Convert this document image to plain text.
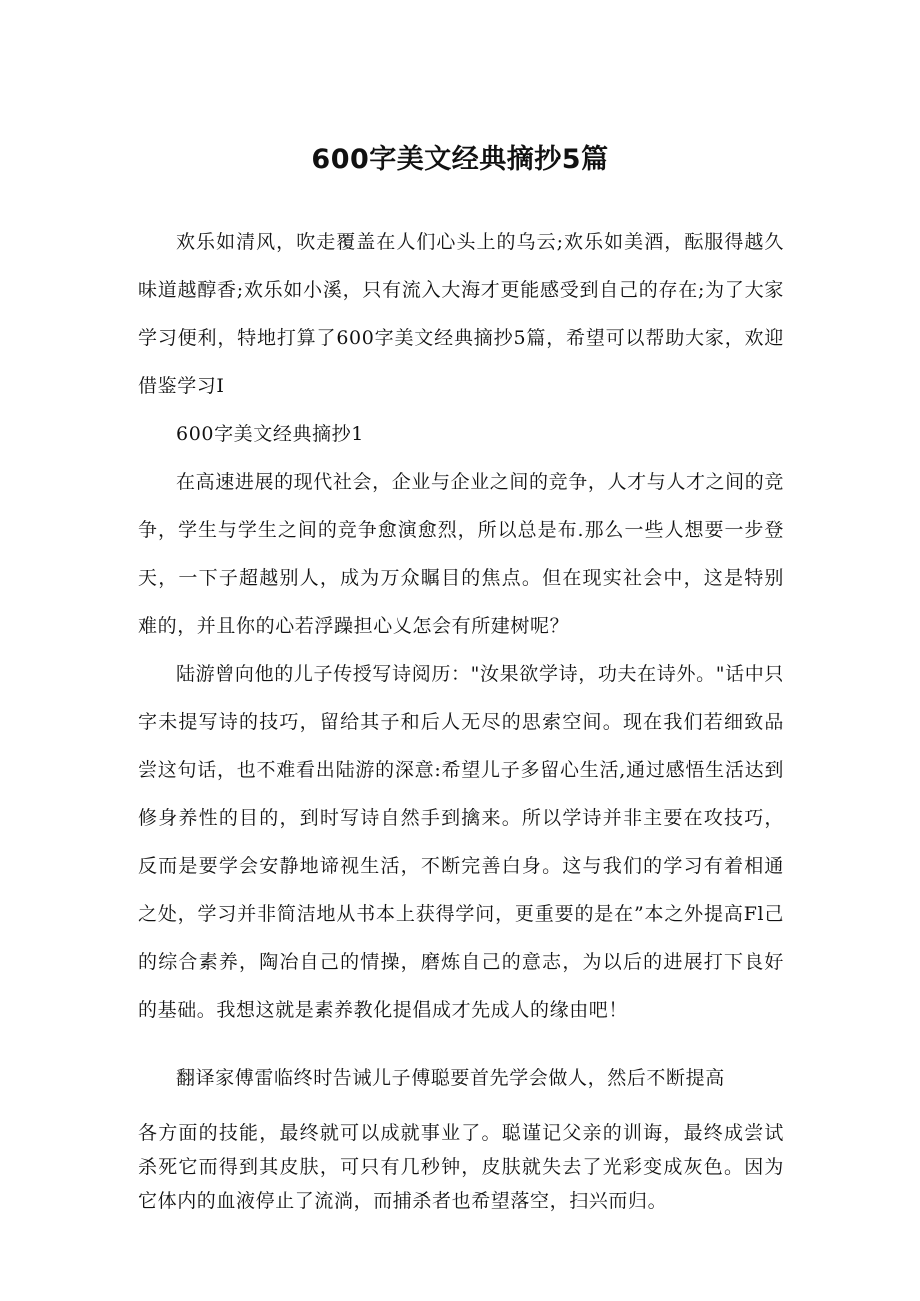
600字美文经典摘抄5篇

欢乐如清风，吹走覆盖在人们心头上的乌云;欢乐如美酒，酝服得越久味道越醇香;欢乐如小溪，只有流入大海才更能感受到自己的存在;为了大家学习便利，特地打算了600字美文经典摘抄5篇，希望可以帮助大家，欢迎借鉴学习I

600字美文经典摘抄1

在高速进展的现代社会，企业与企业之间的竞争，人才与人才之间的竞争，学生与学生之间的竞争愈演愈烈，所以总是布.那么一些人想要一步登天，一下子超越别人，成为万众瞩目的焦点。但在现实社会中，这是特别难的，并且你的心若浮躁担心乂怎会有所建树呢？

陆游曾向他的儿子传授写诗阅历："汝果欲学诗，功夫在诗外。"话中只字未提写诗的技巧，留给其子和后人无尽的思索空间。现在我们若细致品尝这句话，也不难看出陆游的深意:希望儿子多留心生活,通过感悟生活达到修身养性的目的，到时写诗自然手到擒来。所以学诗并非主要在攻技巧，反而是要学会安静地谛视生活，不断完善白身。这与我们的学习有着相通之处，学习并非简洁地从书本上获得学问，更重要的是在”本之外提高Fl己的综合素养，陶冶自己的情操，磨炼自己的意志，为以后的进展打下良好的基础。我想这就是素养教化提倡成才先成人的缘由吧！

翻译家傅雷临终时告诫儿子傅聪要首先学会做人，然后不断提高

各方面的技能，最终就可以成就事业了。聪谨记父亲的训诲，最终成尝试杀死它而得到其皮肤，可只有几秒钟，皮肤就失去了光彩变成灰色。因为它体内的血液停止了流淌，而捕杀者也希望落空，扫兴而归。
